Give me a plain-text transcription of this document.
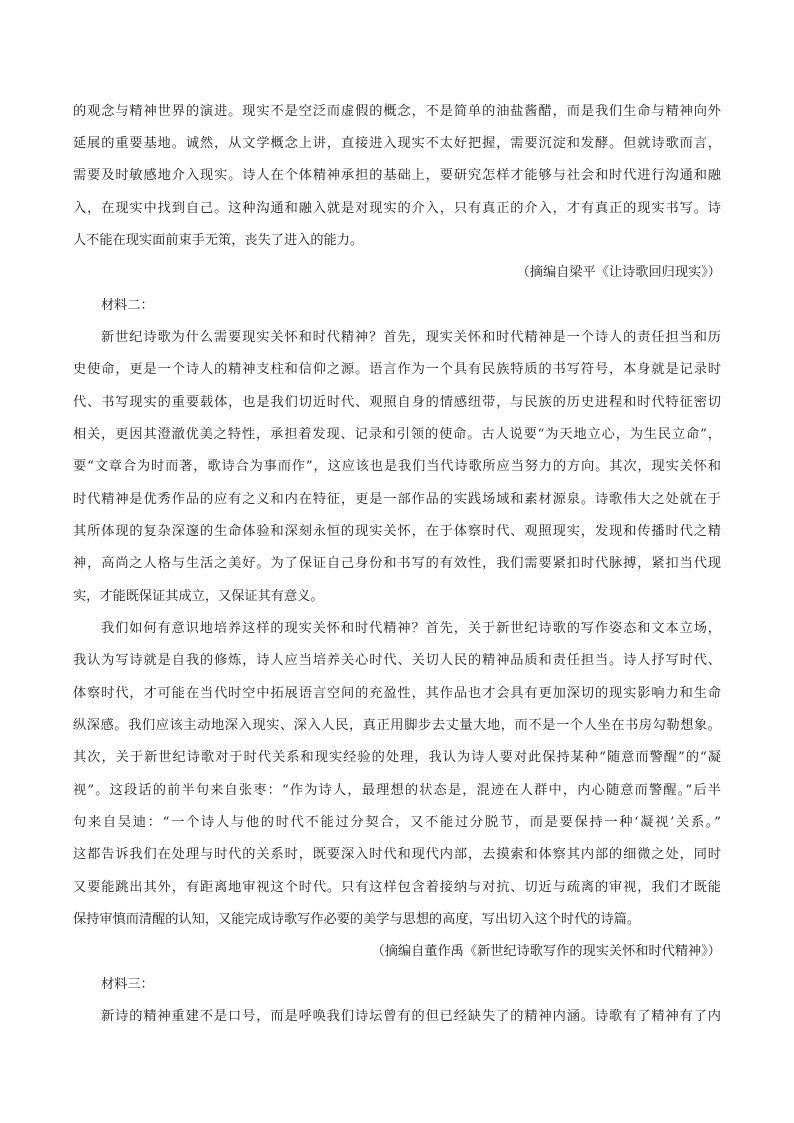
的观念与精神世界的演进。现实不是空泛而虚假的概念，不是简单的油盐酱醋，而是我们生命与精神向外
延展的重要基地。诚然，从文学概念上讲，直接进入现实不太好把握，需要沉淀和发酵。但就诗歌而言，
需要及时敏感地介入现实。诗人在个体精神承担的基础上，要研究怎样才能够与社会和时代进行沟通和融
入，在现实中找到自己。这种沟通和融入就是对现实的介入，只有真正的介入，才有真正的现实书写。诗
人不能在现实面前束手无策，丧失了进入的能力。
（摘编自梁平《让诗歌回归现实》）
材料二：
新世纪诗歌为什么需要现实关怀和时代精神？首先，现实关怀和时代精神是一个诗人的责任担当和历
史使命，更是一个诗人的精神支柱和信仰之源。语言作为一个具有民族特质的书写符号，本身就是记录时
代、书写现实的重要载体，也是我们切近时代、观照自身的情感纽带，与民族的历史进程和时代特征密切
相关，更因其澄澈优美之特性，承担着发现、记录和引领的使命。古人说要“为天地立心，为生民立命”，
要“文章合为时而著，歌诗合为事而作”，这应该也是我们当代诗歌所应当努力的方向。其次，现实关怀和
时代精神是优秀作品的应有之义和内在特征，更是一部作品的实践场域和素材源泉。诗歌伟大之处就在于
其所体现的复杂深邃的生命体验和深刻永恒的现实关怀，在于体察时代、观照现实，发现和传播时代之精
神，高尚之人格与生活之美好。为了保证自己身份和书写的有效性，我们需要紧扣时代脉搏，紧扣当代现
实，才能既保证其成立，又保证其有意义。
我们如何有意识地培养这样的现实关怀和时代精神？首先，关于新世纪诗歌的写作姿态和文本立场，
我认为写诗就是自我的修炼，诗人应当培养关心时代、关切人民的精神品质和责任担当。诗人抒写时代、
体察时代，才可能在当代时空中拓展语言空间的充盈性，其作品也才会具有更加深切的现实影响力和生命
纵深感。我们应该主动地深入现实、深入人民，真正用脚步去丈量大地，而不是一个人坐在书房勾勒想象。
其次，关于新世纪诗歌对于时代关系和现实经验的处理，我认为诗人要对此保持某种“随意而警醒”的“凝
视”。这段话的前半句来自张枣：“作为诗人，最理想的状态是，混迹在人群中，内心随意而警醒。”后半
句来自吴迪：“一个诗人与他的时代不能过分契合，又不能过分脱节，而是要保持一种‘凝视’关系。”
这都告诉我们在处理与时代的关系时，既要深入时代和现代内部，去摸索和体察其内部的细微之处，同时
又要能跳出其外，有距离地审视这个时代。只有这样包含着接纳与对抗、切近与疏离的审视，我们才既能
保持审慎而清醒的认知，又能完成诗歌写作必要的美学与思想的高度，写出切入这个时代的诗篇。
（摘编自董作禹《新世纪诗歌写作的现实关怀和时代精神》）
材料三：
新诗的精神重建不是口号，而是呼唤我们诗坛曾有的但已经缺失了的精神内涵。诗歌有了精神有了内
